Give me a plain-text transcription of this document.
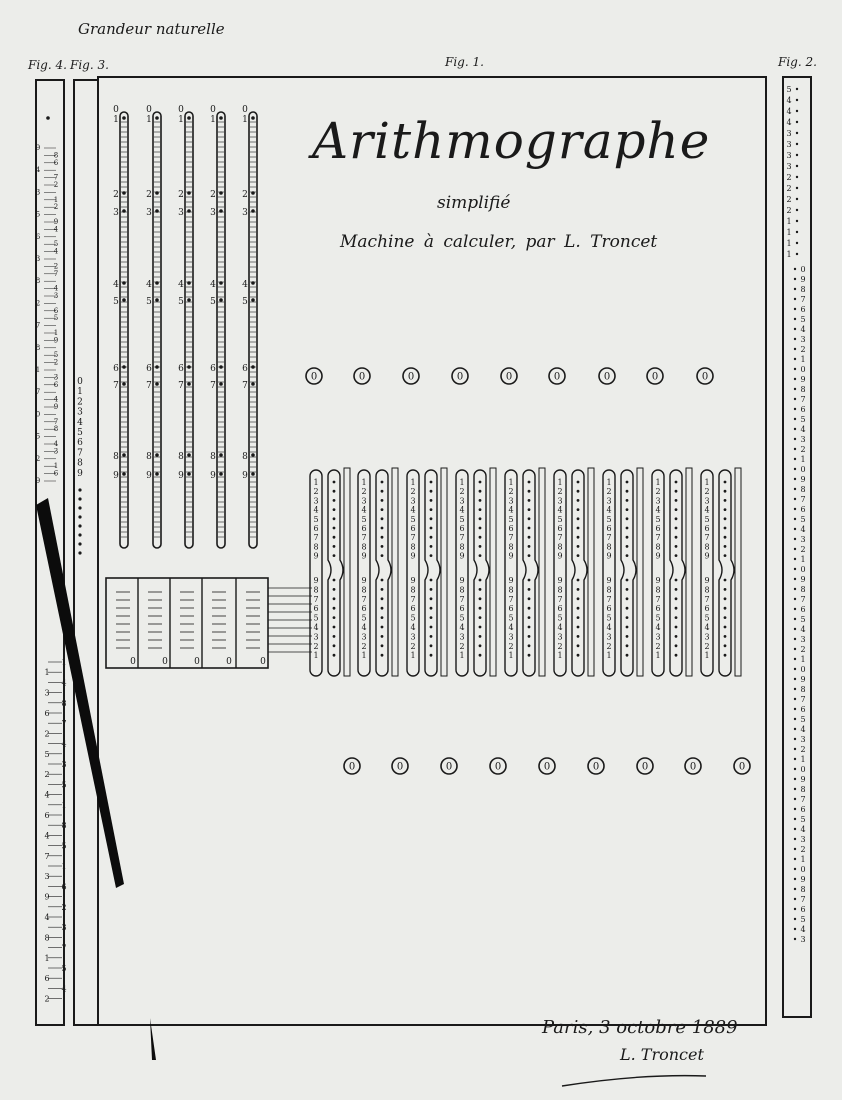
Grandeur naturelle
Fig. 4. Fig. 3.	Fig. 1.	Fig. 2.
0
1
2
3
4
5
6
7
8
9
0
1
2
3
4
5
6
7
8
9
0
1
2
3
4
5
6
7
8
9
0
1
2
3
4
5
6
7
8
9
0
1
2
3
4
5
6
7
8
9
0	0	0	0	0	0	0	0	0
0	0	0	0	0	0	0	0	0
1
2
3
4
5
6
7
8
9
9
8
7
6
5
4
3
2
1
1
2
3
4
5
6
7
8
9
9
8
7
6
5
4
3
2
1
1
2
3
4
5
6
7
8
9
9
8
7
6
5
4
3
2
1
1
2
3
4
5
6
7
8
9
9
8
7
6
5
4
3
2
1
1
2
3
4
5
6
7
8
9
9
8
7
6
5
4
3
2
1
1
2
3
4
5
6
7
8
9
9
8
7
6
5
4
3
2
1
1
2
3
4
5
6
7
8
9
9
8
7
6
5
4
3
2
1
1
2
3
4
5
6
7
8
9
9
8
7
6
5
4
3
2
1
1
2
3
4
5
6
7
8
9
9
8
7
6
5
4
3
2
1
0	0	0	0	0
0
1
2
3
4
5
6
7
8
9
9
8
6
4
7
2
3
1
2
5
9
4
6
5
4
3
2
7
8
4
3
2
6
5
7
1
9
8
5
2
1
3
6
7
4
9
0
7
8
5
4
3
2
1
6
9
1
1
4
3
8
6
7
2
4
5
3
2
5
4
1
6
8
4
5
7
1
3
6
9
2
4
3
8
7
1
5
6
4
2
5
4
4
4
3
3
3
3
2
2
2
2
1
1
1
1
0
9
8
7
6
5
4
3
2
1
0
9
8
7
6
5
4
3
2
1
0
9
8
7
6
5
4
3
2
1
0
9
8
7
6
5
4
3
2
1
0
9
8
7
6
5
4
3
2
1
0
9
8
7
6
5
4
3
2
1
0
9
8
7
6
5
4
3
Arithmographe
simplifié
Machine à calculer, par L. Troncet
Paris, 3 octobre 1889
L. Troncet
